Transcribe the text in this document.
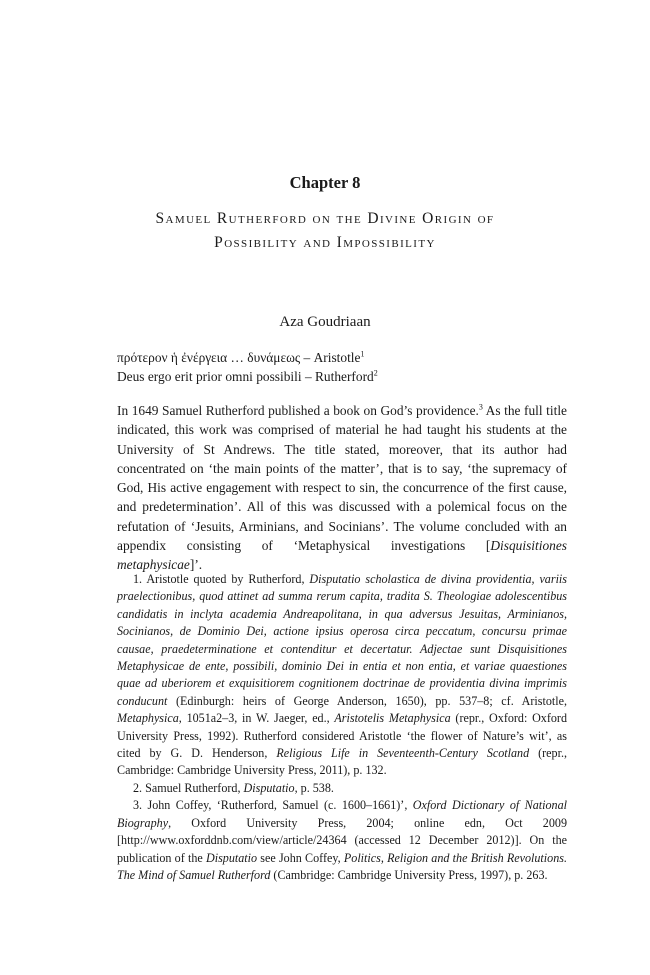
Chapter 8
Samuel Rutherford on the Divine Origin of
Possibility and Impossibility
Aza Goudriaan
πρότερον ἡ ἐνέργεια … δυνάμεως – Aristotle$^1$
Deus ergo erit prior omni possibili – Rutherford$^2$
In 1649 Samuel Rutherford published a book on God’s providence.$^3$ As the full title indicated, this work was comprised of material he had taught his students at the University of St Andrews. The title stated, moreover, that its author had concentrated on ‘the main points of the matter’, that is to say, ‘the supremacy of God, His active engagement with respect to sin, the concurrence of the first cause, and predetermination’. All of this was discussed with a polemical focus on the refutation of ‘Jesuits, Arminians, and Socinians’. The volume concluded with an appendix consisting of ‘Metaphysical investigations [Disquisitiones metaphysicae]’.

1. Aristotle quoted by Rutherford, Disputatio scholastica de divina providentia, variis praelectionibus, quod attinet ad summa rerum capita, tradita S. Theologiae adolescentibus candidatis in inclyta academia Andreapolitana, in qua adversus Jesuitas, Arminianos, Socinianos, de Dominio Dei, actione ipsius operosa circa peccatum, concursu primae causae, praedeterminatione et contenditur et decertatur. Adjectae sunt Disquisitiones Metaphysicae de ente, possibili, dominio Dei in entia et non entia, et variae quaestiones quae ad uberiorem et exquisitiorem cognitionem doctrinae de providentia divina imprimis conducunt (Edinburgh: heirs of George Anderson, 1650), pp. 537–8; cf. Aristotle, Metaphysica, 1051a2–3, in W. Jaeger, ed., Aristotelis Metaphysica (repr., Oxford: Oxford University Press, 1992). Rutherford considered Aristotle ‘the flower of Nature’s wit’, as cited by G. D. Henderson, Religious Life in Seventeenth-Century Scotland (repr., Cambridge: Cambridge University Press, 2011), p. 132.

2. Samuel Rutherford, Disputatio, p. 538.

3. John Coffey, ‘Rutherford, Samuel (c. 1600–1661)’, Oxford Dictionary of National Biography, Oxford University Press, 2004; online edn, Oct 2009 [http://www.oxforddnb.com/view/article/24364 (accessed 12 December 2012)]. On the publication of the Disputatio see John Coffey, Politics, Religion and the British Revolutions. The Mind of Samuel Rutherford (Cambridge: Cambridge University Press, 1997), p. 263.
